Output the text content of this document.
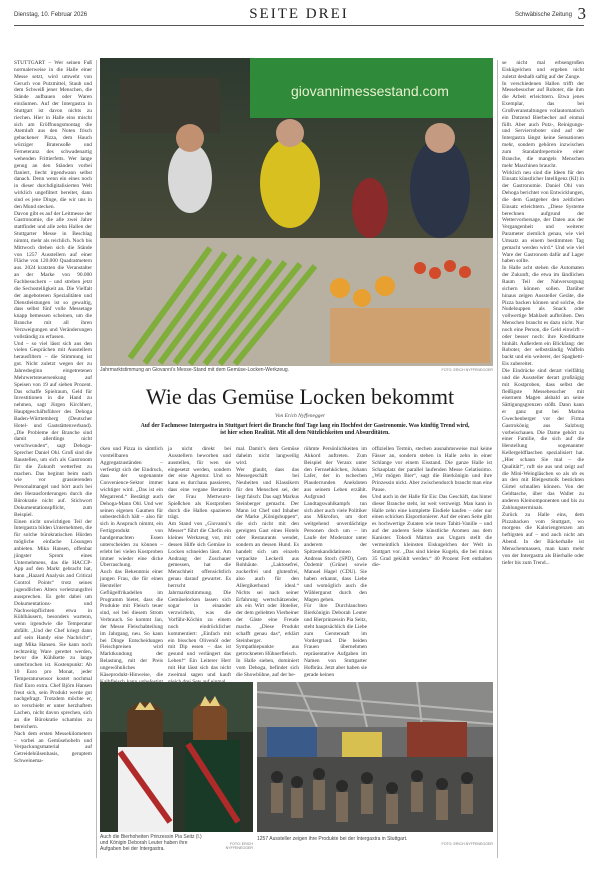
Dienstag, 10. Februar 2026	SEITE DREI	Schwäbische Zeitung 3

STUTTGART – Wer seinen Fuß normalerweise in die Halle einer Messe setzt, wird umweht von Geruch von Putzmittel, Staub und dem Schweiß jener Menschen, die Stände aufbauen oder Waren einräumen. Auf der Intergastra in Stuttgart ist davon nichts zu riechen. Hier in Halle eins mischt sich am Eröffnungsmontag die Atemluft aus den Noten frisch gebackener Pizza, dem Hauch würziger Bratensoße und Ferneteranz des schwadenartig wehenden Frittierfetts. Wer lange genug an den Ständen vorbei flaniert, liecht irgendwann selbst danach. Denn wenn ein eines noch in dieser durchdigitalisierten Welt wirklich ungefiltert bereitet, dann sind es jene Dinge, die wir uns in den Mund stecken.
Davon gibt es auf der Leitmesse der Gastronomie, die alle zwei Jahre stattfindet und alle zehn Hallen der Stuttgarter Messe in Beschlag nimmt, mehr als reichlich. Noch bis Mittwoch drehen sich die Stände von 1257 Ausstellern auf einer Fläche von 120.000 Quadratmetern aus. 2024 kratzten die Veranstalter an der Marke von 90.000 Fachbesuchern – und streben jetzt die Sechsstelligkeit an. Die Vielfalt der angebotenen Spezialitäten und Dienstleistungen ist so gewaltig, dass selbst fünf volle Messetage knapp bemessen scheinen, um die Branche mit all ihren Verzweigungen und Veränderungen vollständig zu erfassen.
Und – so viel lässt sich aus den vielen Gesprächen mit Ausstellern herausfiltern – die Stimmung ist gut. Nicht zuletzt wegen der zu Jahresbeginn eingetretenen Mehrwertsteuersenkung auf Speisen von 19 auf sieben Prozent. Das schaffe Spielraum, Geld für Investitionen in die Hand zu nehmen, sagt Jürgen Kirchherr, Hauptgeschäftsführer des Dehoga Baden-Württemberg (Deutscher Hotel- und Gaststättenverband). „Die Probleme der Branche sind damit allerdings nicht verschwunden“, sagt Dehoga-Sprecher Daniel Ohl. Groß sind die Baustellen, um sich als Gastronom für die Zukunft wetterfest zu machen. Das beginnt beim nach wie vor grassierenden Personalmangel und hört auch bei den Herausforderungen durch die Bürokratie nicht auf. Stichwort Dokumentationspflicht, zum Beispiel.
Einen nicht unwichtigen Teil der Intergastra bilden Unternehmen, die für solche bürokratischen Hürden mögliche einfache Lösungen anbieten. Mika Hansen, offenbar jüngster Sprom eines Unternehmens, das die HACCP-App auf den Markt gebracht hat, kann „Hazard Analysis and Critical Control Points“ trotz seines jugendlichen Alters verletzungsfrei aussprechen. Es geht dabei um Dokumentations- und Nachweispflichten etwa in Kühlhäusern, besonders wartenn, wenn irgendwie die Temperatur abfällt. „Und der Chef kriegt dann auf sein Handy eine Nachricht“, sagt Mika Hansen. Sie kann noch rechtzeitig Ware gerettet werden, bevor die Kühlkette zu lange unterbrochen ist. Kostenpunkt: Ab 10 Euro pro Monat, jeder Temperatursensor kostet nochmal fünf Euro extra. Chef Björn Hansen freut sich, sein Produkt werde gut nachgefragt. Trotzdem möchte er, so verschiebt er unter herzhaftem Lachen, nicht davon sprechen, sich an die Bürokratie schamlos zu bereichern.
Nach dem ersten Messekilometern – vorbei an Gemüsehobeln und Verpackungsmaterial auf Getreidehülsenbasis, geruptem Schweinema-

giovannimessestand.com
Jahrmarktstimmung an Giovanni’s Messe-Stand mit dem Gemüse-Locken-Werkzeug.	FOTO: ERICH NYFFENEGGER

se nicht mal erbsengroßen Eiskügelchen und ergeben nicht zuletzt deshalb saftig auf der Zunge.
In verschiedenen Hallen trifft der Messebesucher auf Roboter, die ihm die Arbeit erleichtern. Etwa jenes Exemplar, das bei Großveranstaltungen vollautomatisch ein Dutzend Bierbecher auf einmal füllt. Aber auch Putz-, Reinigungs- und Servierroboter sind auf der Intergastra längst keine Sensationen mehr, sondern gehören inzwischen zum Standardrepertoire einer Branche, die mangels Menschen mehr Maschinen braucht.
Wirklich neu sind die Ideen für den Einsatz künstlicher Intelligenz (KI) in der Gastronomie. Daniel Ohl von Dehoga berichtet von Entwicklungen, die dem Gastgeber den zeitlichen Einsatz erleichtern. „Diese Systeme berechnen aufgrund der Wettervorhersage, der Daten aus der Vergangenheit und weiterer Parameter ziemlich genau, wie viel Umsatz an einem bestimmten Tag gemacht werden wird.“ Und wie viel Ware der Gastronom dafür auf Lager haben sollte.
In Halle acht stehen die Automaten der Zukunft, die etwa im ländlichen Raum Teil der Nahversorgung sichern können sollen. Darüber hinaus zeigen Aussteller Geräte, die Pizza backen können und solche, die Nudelsuppen als Snack oder vollwertige Mahlzeit aufbrühen. Den Menschen braucht es dazu nicht. Nur noch eine Person, die Geld einwirft – oder besser noch: ihre Kreditkarte hinhält. Außerdem ein Blickfang: der Roboter, der selbstständig Waffeln backt und ein weiterer, der Spaghetti-Eis zubereitet.
Die Eindrücke sind derart vielfältig und die Aussteller derart großzügig mit Kostproben, dass selbst der fleißigste Messebesucher mit eisernem Magen alsbald an seine Sättigungsgrenzen stößt. Dann kann er ganz gut bei Marina Gwechenberger vor der Firma Gastrokönig aus Salzburg vorbeischauen. Die Dame gehört zu einer Familie, die sich auf die Herstellung sogenannter Kellergeldflaschen spezialisiert hat. „Hier schaun Sie mal – die Qualität!“, ruft sie aus und zeigt auf die Mini-Weingläschen so als ob es an den mit Bleigesmolk bestickten Gürtel schnallen können. Von der Geldtasche, über das Wallet zu anderen Kleinomponenten und bis zu Zahlungsterminals.
Zurück zu Halle eins, dem Pizzabacken vom Stuttgart, wo morgens die Kaloriengrenzen am heftigsten auf – und auch nicht am Abend. In der Bäckerhalle ist Menschenmassen, man kann mehr von der Intergastra als Bierhalle oder tiefer bis zum Trend...

Wie das Gemüse Locken bekommt
Von Erich Nyffenegger
Auf der Fachmesse Intergastra in Stuttgart feiert die Branche fünf Tage lang ein Hochfest der Gastronomie. Was künftig Trend wird, ist hier schon Realität. Mit all dem Nützlichkeiten und Absurditäten.

cken und Pizza in sämtlich vorstellbaren Aggregatzuständen – verfestigt sich der Eindruck, dass der sogenannte Convenience-Sektor immer wichtiger wird. „Das ist ein Megatrend.“ Bestätigt auch Dehoga-Mann Ohl. Und wer seinen eigenen Gaumen für unbestechlich hält – also für sich in Anspruch nimmt, ein Fertigprodukt von handgemachten Essen unterscheiden zu können – erlebt bei vielen Kostproben immer wieder eine dicke Überraschung.
Auch das Bekenntnis einer jungen Frau, die für einen Hersteller Geflügelfrikadellen im Programm bietet, dass die Produkte mit Fleisch teuer sind, sei bei diesem Strom Verbrauch. So kommt Jan, der Messe Fleischabteilung im Jahrgang, neu. So kann bei Dinge Entscheidungen Fleischpreisen wird Marktkundung der Belastung, mit der Preis ungewöhnliches Käseprodukt-Hinweise, die

ja nicht direkt bei Ausstellern beworben und ausstellen, für wen sie eingesetzt werden, sondern der eine Agentur. Und so kann es durchaus passieren, dass eine vegane Beraterin der Frau Mettwurst-Spießchen als Kostproben durch die Hallen spazieren trägt.
Am Stand von „Giovanni’s Messer“ führt die Chefin ein kleines Werkzeug vor, mit dessen Hilfe sich Gemüse in Locken schneiden lässt. Am Andrang der Zuschauer gemessen, hat die Menschheit offensichtlich genau darauf gewartet. Es herrscht Jahrmarktstimmung. Die Gemüselocken lassen sich sogar in einander verzwirbeln, was die Vorführ-Köchin zu einem noch eindrücklicher kommentiert: „Einfach mit ein bisschen Olivenöl oder mit Dip essen – das ist gesund und verlängert das Leben!“ Ein Leiterer Herr mit Hut lässt sich das nicht zweimal sagen und kauft

mal. Damit’s dem Gemüse daheim nicht langweilig wird.
Wer glaubt, dass das Messegeschäft bei Neuheiten und Klassikern für den Menschen sei, der liegt falsch: Das sagt Markus Steinberger gemacht. Der Mann ist Chef und Inhaber der Marke „Königshuppen“, die sich nicht mit den gereigten Gast eines Hotels oder Restaurants wendet, sondern an dessen Hund. Es handelt sich um einzeln verpackte Leckerli aus Rohhäute. „Laktosefrei, zuckerfrei und glutenfrei, also auch für den Allergikerhund ideal.“ Nichts sei nach seiner Erfahrung wertschätzender, als ein Wirt oder Hotelier, der dem geliebten Vierbeiner der Gäste eine Freude mache. „Diese Produkt schafft genau das“, erklärt Steinberger. Sympathiepunkte aus getrockneten Hühnerfleisch.
In Halle sieben, dominiert vom Dehoga, befindet sich die Showbühne, auf der be-

rühmte Persönlichkeiten im Akkord auftreten. Zum Beispiel der Veranx unter den Fernsehköchen, Johann Lafer, der in tschechen Plauderrunden Anekdoten aus seinem Leben erzählt. Aufgrund des Landtagswahlkampfs tun sich aber auch viele Politiker ans Mikrofon, um dort weitgehend unverdächtige Personen doch um – im Laufe der Moderator unter anderem der Spitzenkandidatinnen Andreas Stoch (SPD), Cem Özdemir (Grüne) sowie Manuel Hagel (CDU). Sie haben erkannt, dass Liebe und womöglich auch die Wählergunst durch den Magen gehen.
Für ihre Durchlauchten Bierkönigin Deborah Leuter und Bierprinzessin Pia Seitz, steht hauptsächlich die Liebe zum Gerstensaft im Vordergrund. Die beiden Frauen übernehmen repräsentative Aufgaben im Namen von Stuttgarter Hofbräu. Jetzt aber haben sie gerade keinen

offiziellen Termin, stechen ausnahmsweise mal keine Fässer an, sondern stehen in Halle zehn in einer Schlange vor einem Eisstand. Die ganze Halle ist Schauplatz der parallel laufenden Messe Gelatissimo. „Wir mögen Bier“, sagt die Bierkönigin und ihre Prinzessin nickt. Aber zwischendurch braucht man eine Pause.
Und auch in der Halle für Eis: Das Geschäft, das hinter dieser Branche steht, ist weit verzweigt. Man kann in Halle zehn eine komplette Eisdiele kaufen – oder nur einen schicken Eisportionierer. Auf der einen Seite gibt es hochwertige Zutaten wie teure Tahiti-Vanille – und auf der anderen Seite künstliche Aromen aus dem Kanister. Tokodi Márton aus Ungarn stellt die vermeintlich kleinsten Eiskugelchen der Welt in Stuttgart vor. „Das sind kleine Kugeln, die bei minus 35 Grad gekühlt werden.“ 40 Prozent Fett enthalten die-

Auch die Bierhoheiten Prinzessin Pia Seitz (l.) und Königin Deborah Leuter haben ihre Aufgaben bei der Intergastra.
FOTO: ERICH NYFFENEGGER
1257 Aussteller zeigen ihre Produkte bei der Intergastra in Stuttgart.
FOTO: ERICH NYFFENEGGER
